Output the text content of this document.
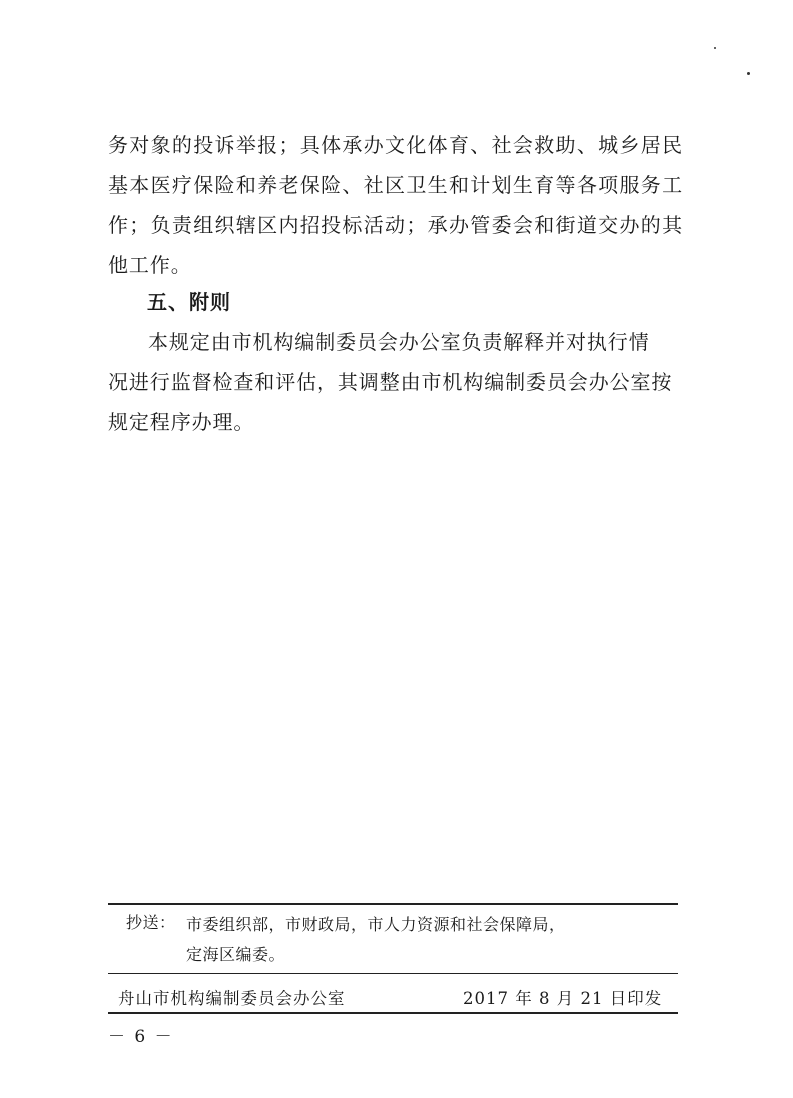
务对象的投诉举报；具体承办文化体育、社会救助、城乡居民

基本医疗保险和养老保险、社区卫生和计划生育等各项服务工

作；负责组织辖区内招投标活动；承办管委会和街道交办的其

他工作。

五、附则
本规定由市机构编制委员会办公室负责解释并对执行情
况进行监督检查和评估，其调整由市机构编制委员会办公室按
规定程序办理。
抄送： 市委组织部，市财政局，市人力资源和社会保障局，
定海区编委。
舟山市机构编制委员会办公室	2017 年 8 月 21 日印发
－ 6 －
